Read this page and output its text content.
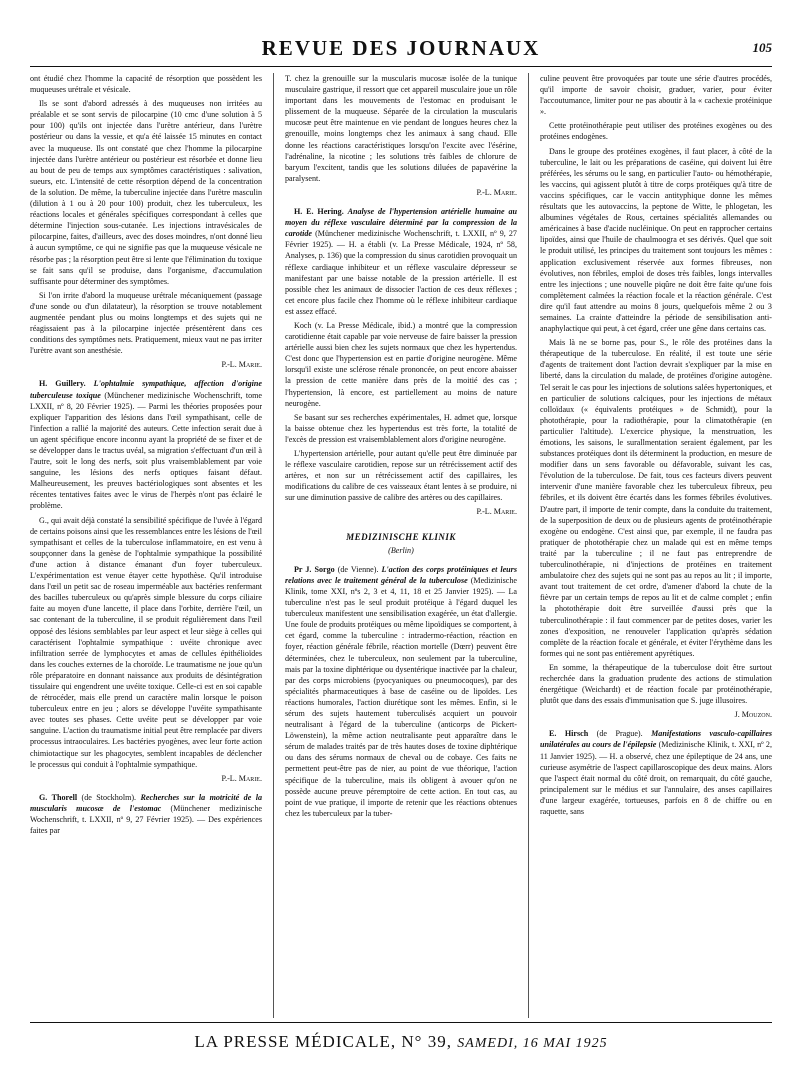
REVUE DES JOURNAUX	105

ont étudié chez l'homme la capacité de résorption que possèdent les muqueuses urétrale et vésicale.

Ils se sont d'abord adressés à des muqueuses non irritées au préalable et se sont servis de pilocarpine (10 cmc d'une solution à 5 pour 100) qu'ils ont injectée dans l'urètre antérieur, dans l'urètre postérieur ou dans la vessie, et qu'a été laissée 15 minutes en contact avec la muqueuse. Ils ont constaté que chez l'homme la pilocarpine injectée dans l'urètre antérieur ou postérieur est résorbée et donne lieu au bout de peu de temps aux symptômes caractéristiques : salivation, sueurs, etc. L'intensité de cette résorption dépend de la concentration de la solution. De même, la tuberculine injectée dans l'urètre masculin (dilution à 1 ou à 20 pour 100) produit, chez les tuberculeux, les réactions locales et générales spécifiques correspondant à celles que détermine l'injection sous-cutanée. Les injections intravésicales de pilocarpine, faites, d'ailleurs, avec des doses moindres, n'ont donné lieu à aucun symptôme, ce qui ne signifie pas que la muqueuse vésicale ne résorbe pas ; la résorption peut être si lente que l'élimination du toxique se fait sans qu'il se produise, dans l'organisme, d'accumulation suffisante pour déterminer des symptômes.

Si l'on irrite d'abord la muqueuse urétrale mécaniquement (passage d'une sonde ou d'un dilatateur), la résorption se trouve notablement augmentée pendant plus ou moins longtemps et des sujets qui ne réagissaient pas à la pilocarpine injectée présentèrent dans ces conditions des symptômes nets. Pratiquement, mieux vaut ne pas irriter l'urètre avant son anesthésie.

P.-L. Marie.

H. Guillery. L'ophtalmie sympathique, affection d'origine tuberculeuse toxique (Münchener medizinische Wochenschrift, tome LXXII, nº 8, 20 Février 1925). — Parmi les théories proposées pour expliquer l'apparition des lésions dans l'œil sympathisant, celle de l'infection a rallié la majorité des auteurs. Cette infection serait due à un agent spécifique encore inconnu ayant la propriété de se fixer et de se développer dans le tractus uvéal, sa migration s'effectuant d'un œil à l'autre, soit le long des nerfs, soit plus vraisemblablement par voie sanguine, les lésions des nerfs optiques faisant défaut. Malheureusement, les preuves bactériologiques sont absentes et les récentes tentatives faites avec le virus de l'herpès n'ont pas éclairé le problème.

G., qui avait déjà constaté la sensibilité spécifique de l'uvée à l'égard de certains poisons ainsi que les ressemblances entre les lésions de l'œil sympathisant et celles de la tuberculose inflammatoire, en est venu à soupçonner dans la genèse de l'ophtalmie sympathique la possibilité d'une action à distance émanant d'un foyer tuberculeux. L'expérimentation est venue étayer cette hypothèse. Qu'il introduise dans l'œil un petit sac de roseau imperméable aux bactéries renfermant des bacilles tuberculeux ou qu'après simple blessure du corps ciliaire faite au moyen d'une lancette, il place dans l'orbite, derrière l'œil, un sac contenant de la tuberculine, il se produit régulièrement dans l'œil opposé des lésions semblables par leur aspect et leur siège à celles qui caractérisent l'ophtalmie sympathique : uvéite chronique avec infiltration serrée de lymphocytes et amas de cellules épithélioïdes dans les couches externes de la choroïde. Le traumatisme ne joue qu'un rôle préparatoire en donnant naissance aux produits de désintégration tissulaire qui engendrent une uvéite toxique. Celle-ci est en soi capable de rétrocéder, mais elle prend un caractère malin lorsque le poison tuberculeux entre en jeu ; alors se développe l'uvéite sympathisante avec toutes ses phases. Cette uvéite peut se développer par voie sanguine. L'action du traumatisme initial peut être remplacée par divers processus intraoculaires. Les bactéries pyogènes, avec leur forte action chimiotactique sur les phagocytes, semblent incapables de déclencher le processus qui conduit à l'ophtalmie sympathique.

P.-L. Marie.

G. Thorell (de Stockholm). Recherches sur la motricité de la muscularis mucosæ de l'estomac (Münchener medizinische Wochenschrift, t. LXXII, nº 9, 27 Février 1925). — Des expériences faites par

T. chez la grenouille sur la muscularis mucosæ isolée de la tunique musculaire gastrique, il ressort que cet appareil musculaire joue un rôle important dans les mouvements de l'estomac en produisant le plissement de la muqueuse. Séparée de la circulation la muscularis mucosæ peut être maintenue en vie pendant de longues heures chez la grenouille, moins longtemps chez les animaux à sang chaud. Elle donne les réactions caractéristiques lorsqu'on l'excite avec l'ésérine, l'adrénaline, la nicotine ; les solutions très faibles de chlorure de baryum l'excitent, tandis que les solutions diluées de papavérine la paralysent.

P.-L. Marie.

H. E. Hering. Analyse de l'hypertension artérielle humaine au moyen du réflexe vasculaire déterminé par la compression de la carotide (Münchener medizinische Wochenschrift, t. LXXII, nº 9, 27 Février 1925). — H. a établi (v. La Presse Médicale, 1924, nº 58, Analyses, p. 136) que la compression du sinus carotidien provoquait un réflexe cardiaque inhibiteur et un réflexe vasculaire dépresseur se manifestant par une baisse notable de la pression artérielle. Il est possible chez les animaux de dissocier l'action de ces deux réflexes ; cet encore plus facile chez l'homme où le réflexe inhibiteur cardiaque est assez effacé.

Koch (v. La Presse Médicale, ibid.) a montré que la compression carotidienne était capable par voie nerveuse de faire baisser la pression artérielle aussi bien chez les sujets normaux que chez les hypertendus. C'est donc que l'hypertension est en partie d'origine neurogène. Même lorsqu'il existe une sclérose rénale prononcée, on peut encore abaisser la pression de cette manière dans près de la moitié des cas ; l'hypertension, là encore, est partiellement au moins de nature neurogène.

Se basant sur ses recherches expérimentales, H. admet que, lorsque la baisse obtenue chez les hypertendus est très forte, la totalité de l'excès de pression est vraisemblablement alors d'origine neurogène.

L'hypertension artérielle, pour autant qu'elle peut être diminuée par le réflexe vasculaire carotidien, repose sur un rétrécissement actif des artères, et non sur un rétrécissement actif des capillaires, les modifications du calibre de ces vaisseaux étant lentes à se produire, ni sur une diminution passive de calibre des artères ou des capillaires.

P.-L. Marie.

MEDIZINISCHE KLINIK

(Berlin)

Pr J. Sorgo (de Vienne). L'action des corps protéiniques et leurs relations avec le traitement général de la tuberculose (Medizinische Klinik, tome XXI, nºs 2, 3 et 4, 11, 18 et 25 Janvier 1925). — La tuberculine n'est pas le seul produit protéique à l'égard duquel les tuberculeux manifestent une sensibilisation exagérée, un état d'allergie. Une foule de produits protéiques ou même lipoïdiques se comportent, à cet égard, comme la tuberculine : intradermo-réaction, réaction en foyer, réaction générale fébrile, réaction mortelle (Dœrr) peuvent être déterminées, chez le tuberculeux, non seulement par la tuberculine, mais par la toxine diphtérique ou dysentérique inactivée par la chaleur, par des corps microbiens (pyocyaniques ou pneumocoques), par des spécialités pharmaceutiques à base de caséine ou de lipoïdes. Les réactions humorales, l'action diurétique sont les mêmes. Enfin, si le sérum des sujets hautement tuberculisés acquiert un pouvoir neutralisant à l'égard de la tuberculine (anticorps de Pickert-Löwenstein), la même action neutralisante peut apparaître dans le sérum de malades traités par de très hautes doses de toxine diphtérique ou dans des sérums normaux de cheval ou de cobaye. Ces faits ne permettent peut-être pas de nier, au point de vue théorique, l'action spécifique de la tuberculine, mais ils obligent à avouer qu'on ne possède aucune preuve péremptoire de cette action. En tout cas, au point de vue pratique, il importe de retenir que les réactions obtenues chez les tuberculeux par la tuber-

culine peuvent être provoquées par toute une série d'autres procédés, qu'il importe de savoir choisir, graduer, varier, pour éviter l'accoutumance, limiter pour ne pas aboutir à la « cachexie protéinique ».

Cette protéinothérapie peut utiliser des protéines exogènes ou des protéines endogènes.

Dans le groupe des protéines exogènes, il faut placer, à côté de la tuberculine, le lait ou les préparations de caséine, qui doivent lui être préférées, les sérums ou le sang, en particulier l'auto- ou hémothérapie, les vaccins, qui agissent plutôt à titre de corps protéiques qu'à titre de vaccins spécifiques, car le vaccin antityphique donne les mêmes résultats que les autovaccins, la peptone de Witte, le phlogetan, les albumines végétales de Rous, certaines spécialités allemandes ou américaines à base d'acide nucléinique. On peut en rapprocher certains lipoïdes, ainsi que l'huile de chaulmoogra et ses dérivés. Quel que soit le produit utilisé, les principes du traitement sont toujours les mêmes : application exclusivement réservée aux formes fibreuses, non évolutives, non fébriles, emploi de doses très faibles, longs intervalles entre les injections ; une nouvelle piqûre ne doit être faite qu'une fois complètement calmées la réaction focale et la réaction générale. C'est dire qu'il faut attendre au moins 8 jours, quelquefois même 2 ou 3 semaines. La crainte d'atteindre la période de sensibilisation anti-anaphylactique qui peut, à cet égard, créer une gêne dans certains cas.

Mais là ne se borne pas, pour S., le rôle des protéines dans la thérapeutique de la tuberculose. En réalité, il est toute une série d'agents de traitement dont l'action devrait s'expliquer par la mise en liberté, dans la circulation du malade, de protéines d'origine autogène. Tel serait le cas pour les injections de solutions salées hypertoniques, et en particulier de solutions calciques, pour les injections de métaux colloïdaux (« équivalents protéiques » de Schmidt), pour la photothérapie, pour la radiothérapie, pour la climatothérapie (en particulier l'altitude). L'exercice physique, la menstruation, les émotions, les saisons, le surallmentation seraient également, par les substances protéiques dont ils déterminent la production, en mesure de modifier dans un sens favorable ou défavorable, suivant les cas, l'évolution de la tuberculose. De fait, tous ces facteurs divers peuvent intervenir d'une manière favorable chez les tuberculeux fibreux, peu fébriles, et ils doivent être écartés dans les formes fébriles évolutives. D'autre part, il importe de tenir compte, dans la conduite du traitement, de la superposition de deux ou de plusieurs agents de protéinothérapie exogène ou endogène. C'est ainsi que, par exemple, il ne faudra pas pratiquer de photothérapie chez un malade qui est en même temps traité par la tuberculine ; il ne faut pas entreprendre de tuberculinothérapie, ni d'injections de protéines en traitement ambulatoire chez des sujets qui ne sont pas au repos au lit ; il importe, avant tout traitement de cet ordre, d'amener d'abord la chute de la fièvre par un certain temps de repos au lit et de calme complet ; enfin la photothérapie doit être surveillée d'aussi près que la tuberculinothérapie : il faut commencer par de petites doses, varier les zones d'exposition, ne renouveler l'application qu'après sédation complète de la réaction focale et générale, et éviter l'érythème dans les formes qui ne sont pas entièrement apyrétiques.

En somme, la thérapeutique de la tuberculose doit être surtout recherchée dans la graduation prudente des actions de stimulation énergétique (Weichardt) et de réaction focale par protéinothérapie, plutôt que dans des essais d'immunisation que S. juge illusoires.

J. Mouzon.

E. Hirsch (de Prague). Manifestations vasculo-capillaires unilatérales au cours de l'épilepsie (Medizinische Klinik, t. XXI, nº 2, 11 Janvier 1925). — H. a observé, chez une épileptique de 24 ans, une curieuse asymétrie de l'aspect capillaroscopique des deux mains. Alors que l'aspect était normal du côté droit, on remarquait, du côté gauche, principalement sur le médius et sur l'annulaire, des anses capillaires d'une largeur exagérée, tortueuses, parfois en 8 de chiffre ou en raquette, sans

LA PRESSE MÉDICALE, N° 39, SAMEDI, 16 MAI 1925
